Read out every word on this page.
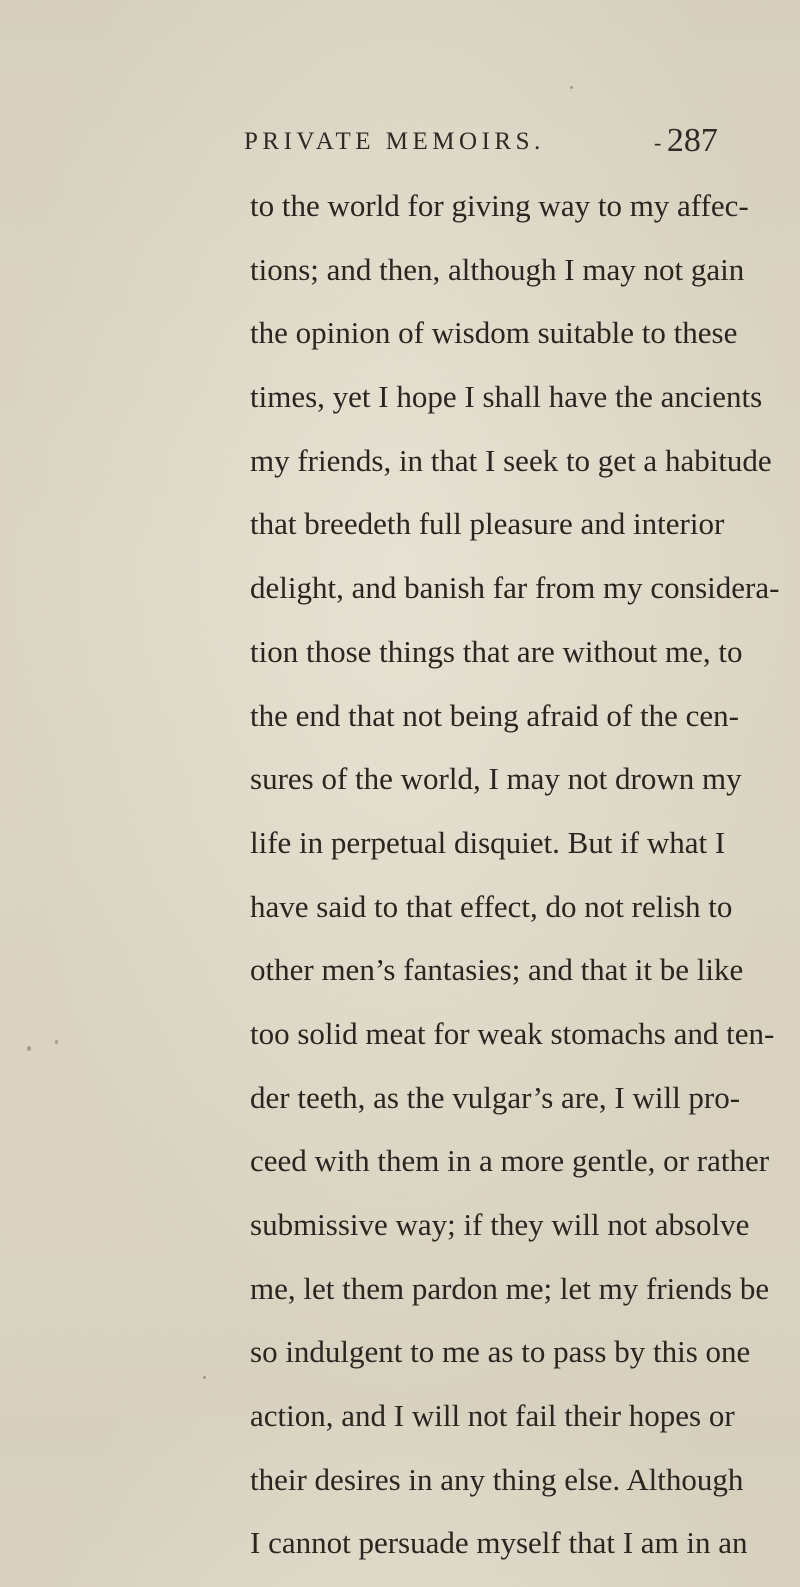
PRIVATE MEMOIRS.
-	287
to the world for giving way to my affec-
tions; and then, although I may not gain
the opinion of wisdom suitable to these
times, yet I hope I shall have the ancients
my friends, in that I seek to get a habitude
that breedeth full pleasure and interior
delight, and banish far from my considera-
tion those things that are without me, to
the end that not being afraid of the cen-
sures of the world, I may not drown my
life in perpetual disquiet. But if what I
have said to that effect, do not relish to
other men’s fantasies; and that it be like
too solid meat for weak stomachs and ten-
der teeth, as the vulgar’s are, I will pro-
ceed with them in a more gentle, or rather
submissive way; if they will not absolve
me, let them pardon me; let my friends be
so indulgent to me as to pass by this one
action, and I will not fail their hopes or
their desires in any thing else. Although
I cannot persuade myself that I am in an
